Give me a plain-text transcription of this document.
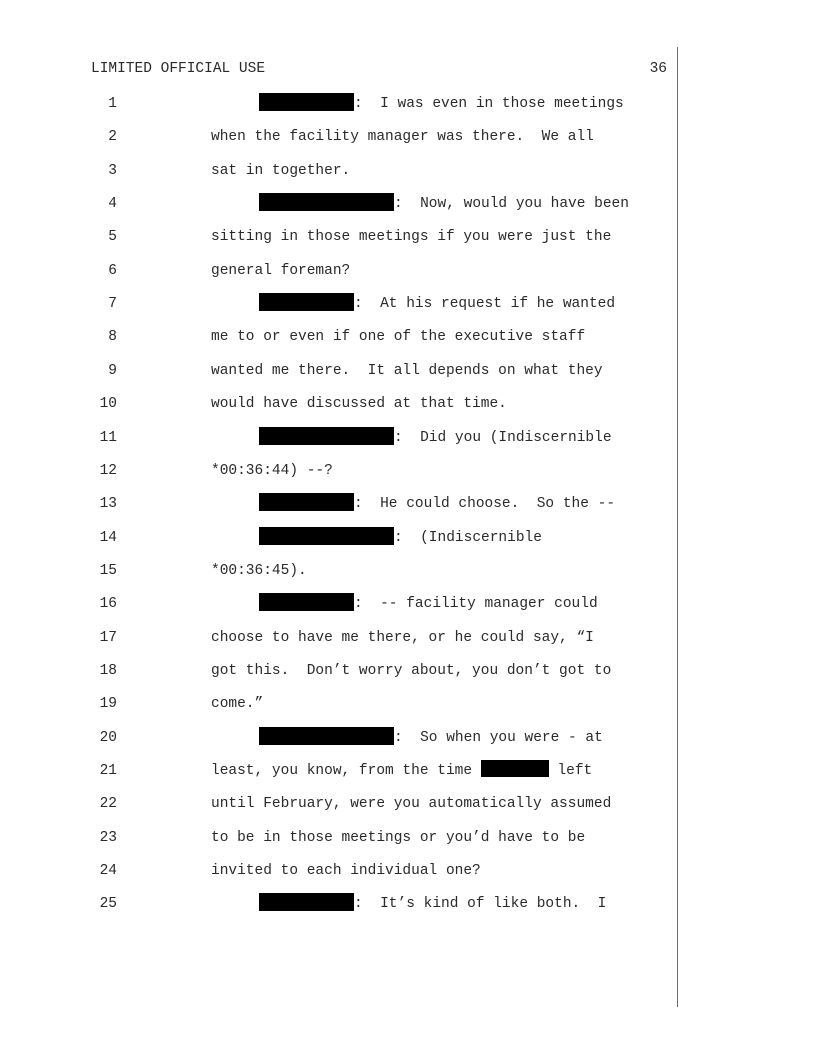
LIMITED OFFICIAL USE	36
1	:  I was even in those meetings
2	when the facility manager was there.  We all
3	sat in together.
4	:  Now, would you have been
5	sitting in those meetings if you were just the
6	general foreman?
7	:  At his request if he wanted
8	me to or even if one of the executive staff
9	wanted me there.  It all depends on what they
10	would have discussed at that time.
11	:  Did you (Indiscernible
12	*00:36:44) --?
13	:  He could choose.  So the --
14	:  (Indiscernible
15	*00:36:45).
16	:  -- facility manager could
17	choose to have me there, or he could say, “I
18	got this.  Don’t worry about, you don’t got to
19	come.”
20	:  So when you were - at
21	least, you know, from the time	left
22	until February, were you automatically assumed
23	to be in those meetings or you’d have to be
24	invited to each individual one?
25	:  It’s kind of like both.  I
